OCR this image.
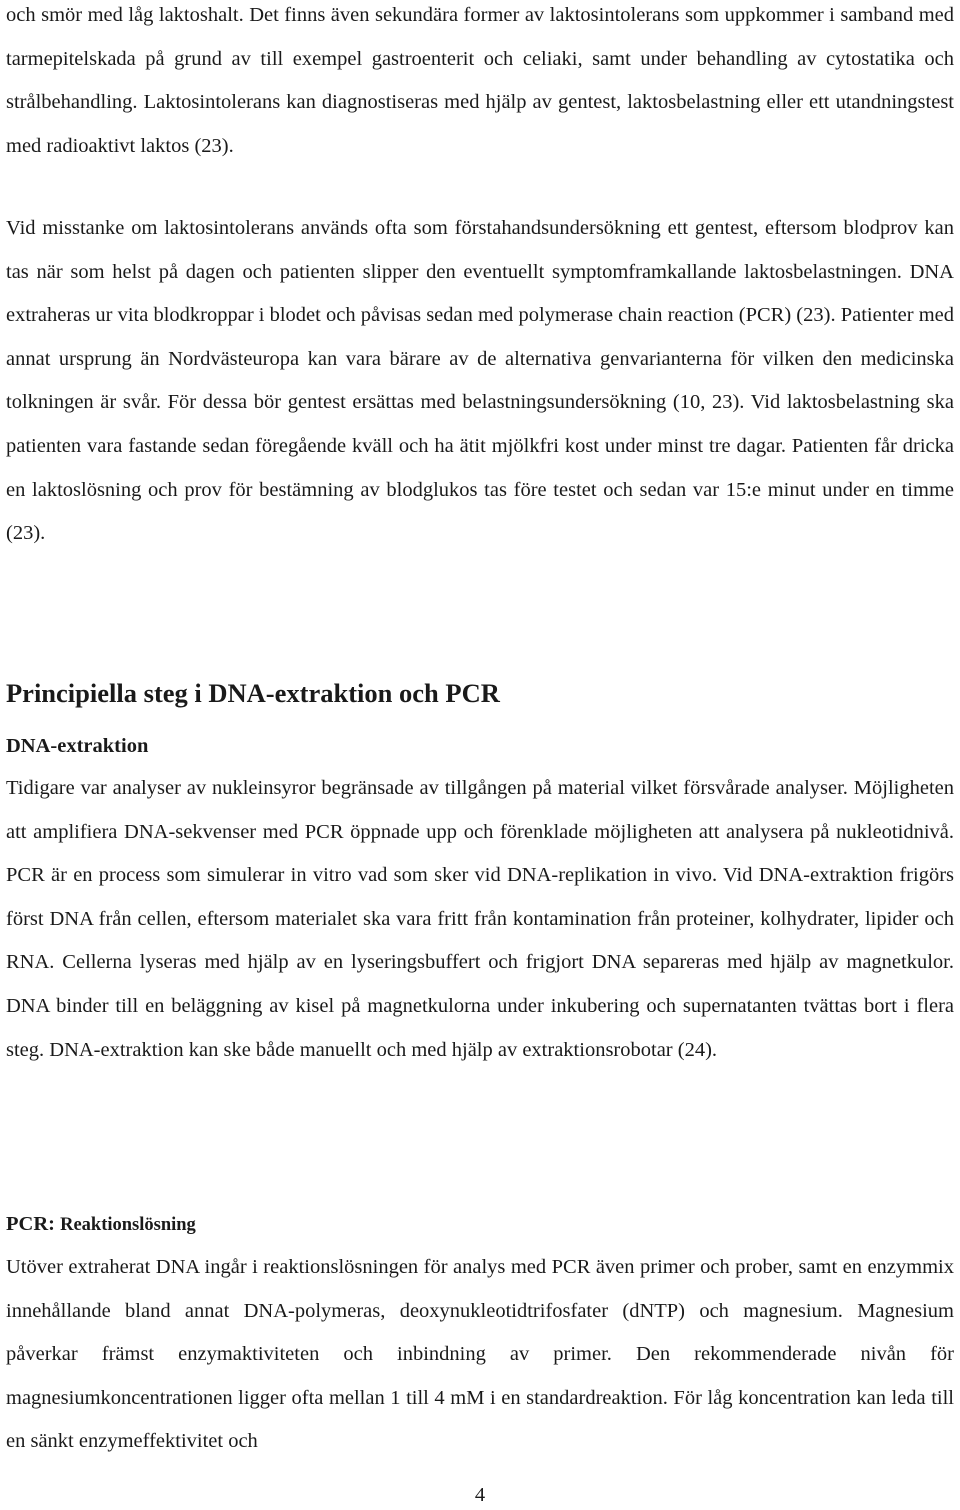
och smör med låg laktoshalt. Det finns även sekundära former av laktosintolerans som uppkommer i samband med tarmepitelskada på grund av till exempel gastroenterit och celiaki, samt under behandling av cytostatika och strålbehandling. Laktosintolerans kan diagnostiseras med hjälp av gentest, laktosbelastning eller ett utandningstest med radioaktivt laktos (23).

Vid misstanke om laktosintolerans används ofta som förstahandsundersökning ett gentest, eftersom blodprov kan tas när som helst på dagen och patienten slipper den eventuellt symptomframkallande laktosbelastningen. DNA extraheras ur vita blodkroppar i blodet och påvisas sedan med polymerase chain reaction (PCR) (23). Patienter med annat ursprung än Nordvästeuropa kan vara bärare av de alternativa genvarianterna för vilken den medicinska tolkningen är svår. För dessa bör gentest ersättas med belastningsundersökning (10, 23). Vid laktosbelastning ska patienten vara fastande sedan föregående kväll och ha ätit mjölkfri kost under minst tre dagar. Patienten får dricka en laktoslösning och prov för bestämning av blodglukos tas före testet och sedan var 15:e minut under en timme (23).

Principiella steg i DNA-extraktion och PCR
DNA-extraktion

Tidigare var analyser av nukleinsyror begränsade av tillgången på material vilket försvårade analyser. Möjligheten att amplifiera DNA-sekvenser med PCR öppnade upp och förenklade möjligheten att analysera på nukleotidnivå. PCR är en process som simulerar in vitro vad som sker vid DNA-replikation in vivo. Vid DNA-extraktion frigörs först DNA från cellen, eftersom materialet ska vara fritt från kontamination från proteiner, kolhydrater, lipider och RNA. Cellerna lyseras med hjälp av en lyseringsbuffert och frigjort DNA separeras med hjälp av magnetkulor. DNA binder till en beläggning av kisel på magnetkulorna under inkubering och supernatanten tvättas bort i flera steg. DNA-extraktion kan ske både manuellt och med hjälp av extraktionsrobotar (24).

PCR: Reaktionslösning

Utöver extraherat DNA ingår i reaktionslösningen för analys med PCR även primer och prober, samt en enzymmix innehållande bland annat DNA-polymeras, deoxynukleotidtrifosfater (dNTP) och magnesium. Magnesium påverkar främst enzymaktiviteten och inbindning av primer. Den rekommenderade nivån för magnesiumkoncentrationen ligger ofta mellan 1 till 4 mM i en standardreaktion. För låg koncentration kan leda till en sänkt enzymeffektivitet och

4
